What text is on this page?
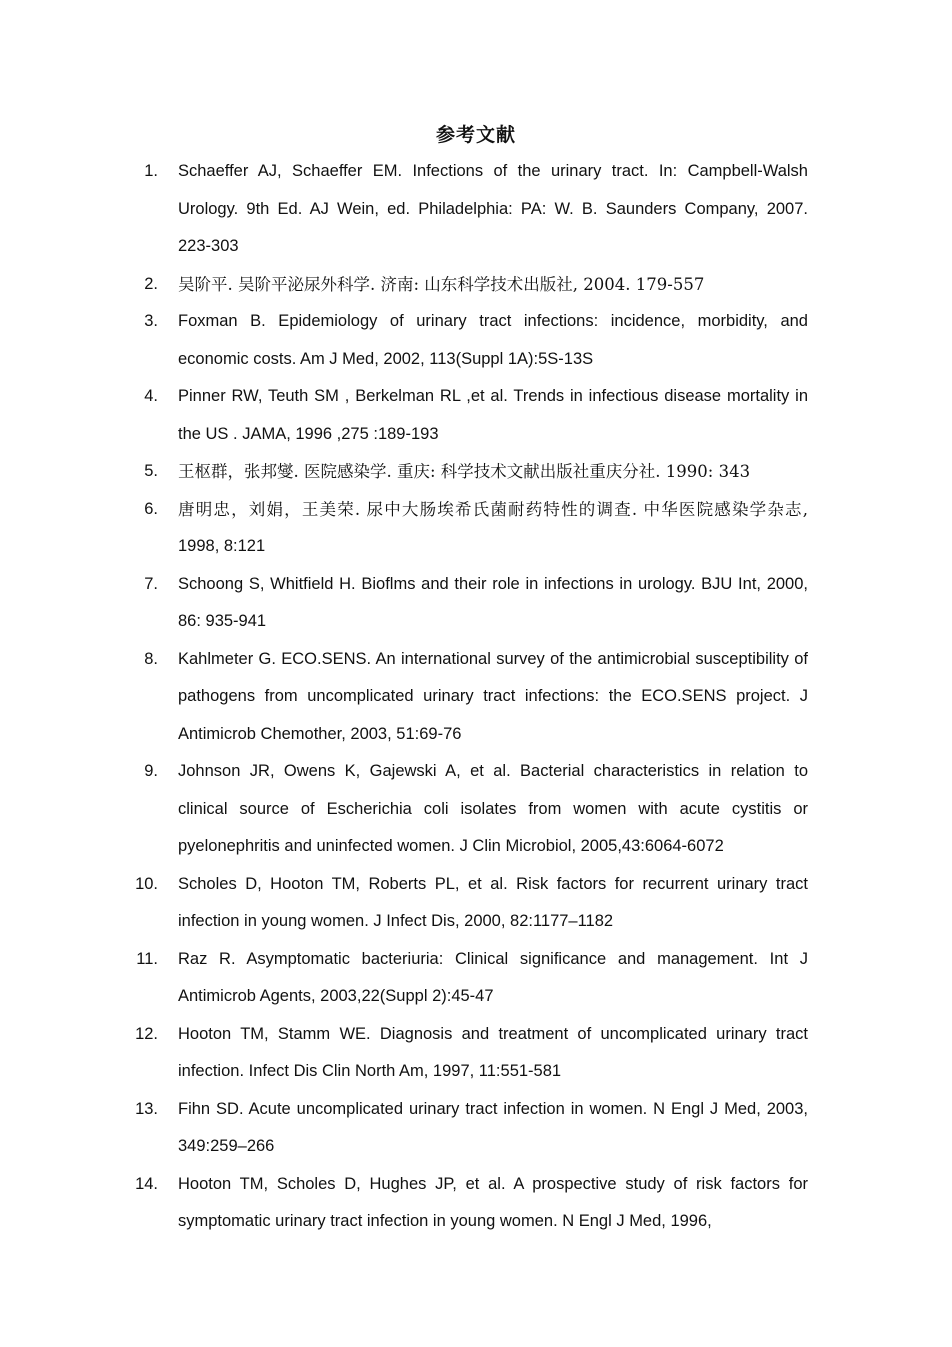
参考文献
1. Schaeffer AJ, Schaeffer EM. Infections of the urinary tract. In: Campbell-Walsh
Urology. 9th Ed. AJ Wein, ed. Philadelphia: PA: W. B. Saunders Company, 2007.
223-303
2. 吴阶平. 吴阶平泌尿外科学. 济南: 山东科学技术出版社, 2004. 179-557
3. Foxman B. Epidemiology of urinary tract infections: incidence, morbidity, and
economic costs. Am J Med, 2002, 113(Suppl 1A):5S-13S
4. Pinner RW, Teuth SM , Berkelman RL ,et al. Trends in infectious disease mortality in
the US . JAMA, 1996 ,275 :189-193
5. 王枢群，张邦燮. 医院感染学. 重庆: 科学技术文献出版社重庆分社. 1990: 343
6. 唐明忠，刘娟，王美荣. 尿中大肠埃希氏菌耐药特性的调查. 中华医院感染学杂志,
1998, 8:121
7. Schoong S, Whitfield H. Bioflms and their role in infections in urology. BJU Int, 2000,
86: 935-941
8. Kahlmeter G. ECO.SENS. An international survey of the antimicrobial susceptibility of
pathogens from uncomplicated urinary tract infections: the ECO.SENS project. J
Antimicrob Chemother, 2003, 51:69-76
9. Johnson JR, Owens K, Gajewski A, et al. Bacterial characteristics in relation to
clinical source of Escherichia coli isolates from women with acute cystitis or
pyelonephritis and uninfected women. J Clin Microbiol, 2005,43:6064-6072
10. Scholes D, Hooton TM, Roberts PL, et al. Risk factors for recurrent urinary tract
infection in young women. J Infect Dis, 2000, 82:1177–1182
11. Raz R. Asymptomatic bacteriuria: Clinical significance and management. Int J
Antimicrob Agents, 2003,22(Suppl 2):45-47
12. Hooton TM, Stamm WE. Diagnosis and treatment of uncomplicated urinary tract
infection. Infect Dis Clin North Am, 1997, 11:551-581
13. Fihn SD. Acute uncomplicated urinary tract infection in women. N Engl J Med, 2003,
349:259–266
14. Hooton TM, Scholes D, Hughes JP, et al. A prospective study of risk factors for
symptomatic urinary tract infection in young women. N Engl J Med, 1996,
